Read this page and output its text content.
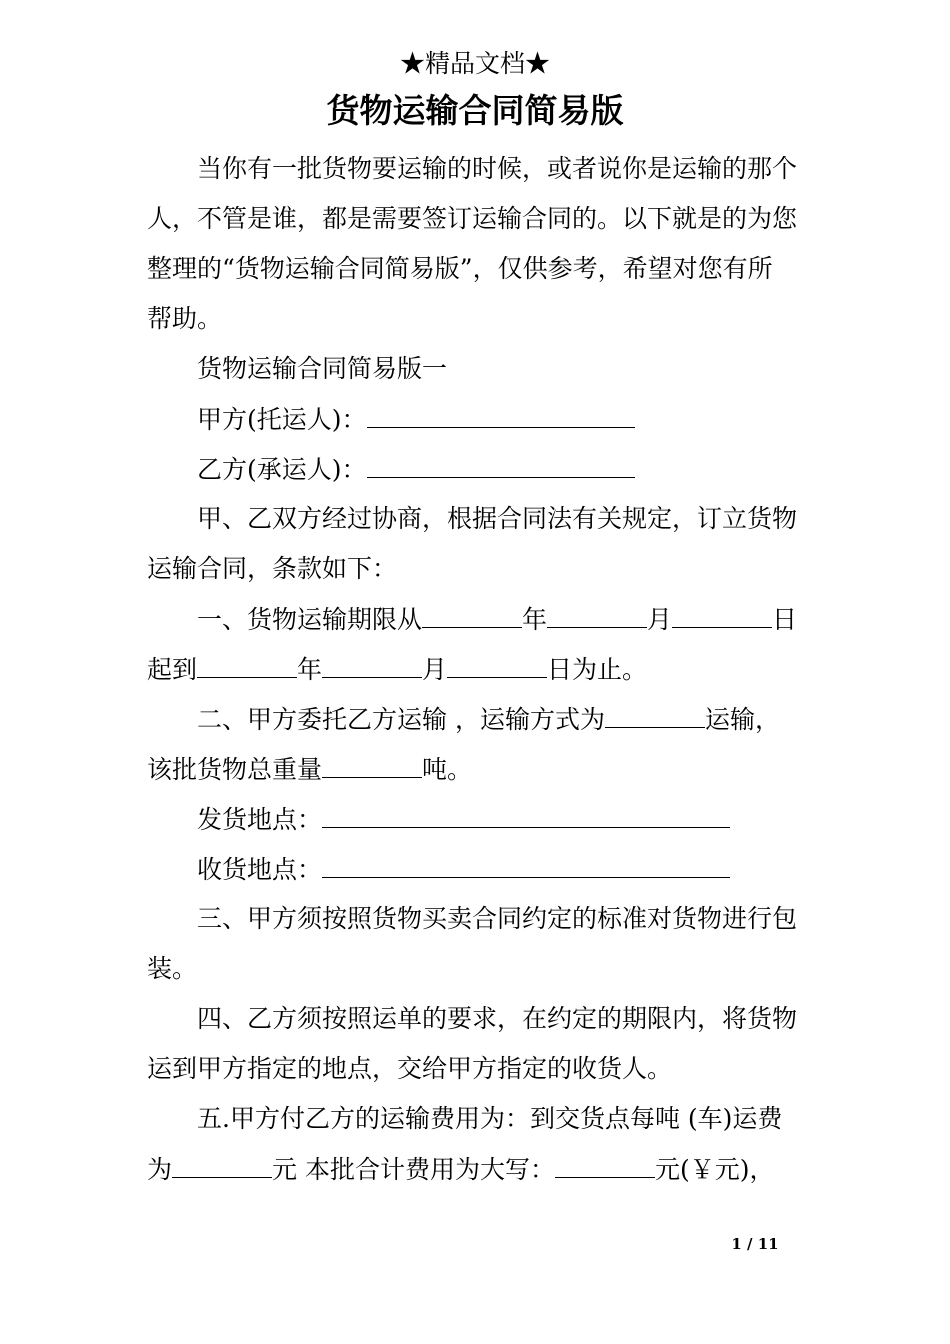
★精品文档★
货物运输合同简易版
当你有一批货物要运输的时候，或者说你是运输的那个
人，不管是谁，都是需要签订运输合同的。以下就是的为您
整理的“货物运输合同简易版”，仅供参考，希望对您有所
帮助。
货物运输合同简易版一
甲方(托运人)：
乙方(承运人)：
甲、乙双方经过协商，根据合同法有关规定，订立货物
运输合同，条款如下：
一、货物运输期限从	年	月	日
起到	年	月	日为止。
二、甲方委托乙方运输 ，运输方式为	运输，
该批货物总重量	吨。
发货地点：
收货地点：
三、甲方须按照货物买卖合同约定的标准对货物进行包
装。
四、乙方须按照运单的要求，在约定的期限内，将货物
运到甲方指定的地点，交给甲方指定的收货人。
五.甲方付乙方的运输费用为：到交货点每吨 (车)运费
为	元 本批合计费用为大写：	元(￥元)，
1 / 11
